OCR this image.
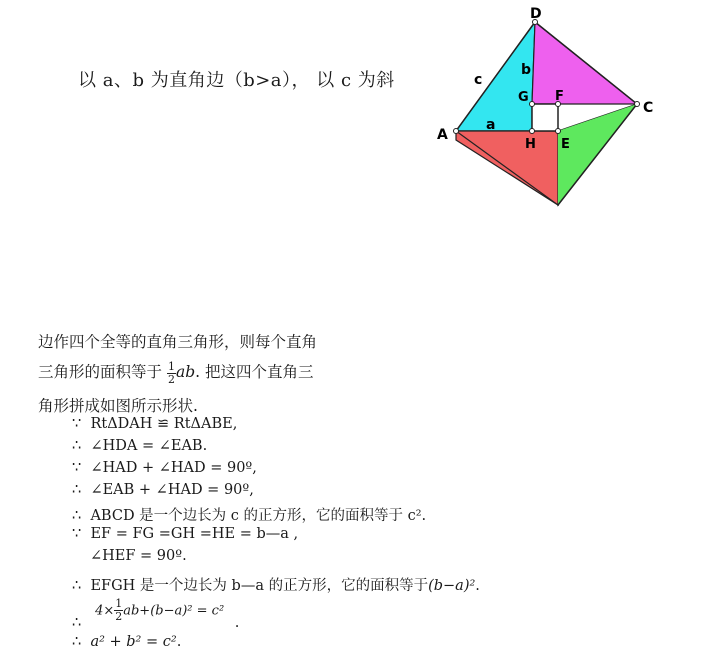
以 a、b 为直角边（b>a）， 以 c 为斜
D
C
A
G F
H E
b
c
a
边作四个全等的直角三角形，则每个直角
三角形的面积等于 $\frac{1}{2}$ ab. 把这四个直角三
角形拼成如图所示形状.
∵ RtΔDAH ≌ RtΔABE,
∴ ∠HDA = ∠EAB.
∵ ∠HAD + ∠HAD = 90º,
∴ ∠EAB + ∠HAD = 90º,
∴ ABCD 是一个边长为 c 的正方形，它的面积等于 c².
∵ EF = FG =GH =HE = b—a ,
∠HEF = 90º.
∴ EFGH 是一个边长为 b—a 的正方形，它的面积等于(b−a)².
∴   $4\times \frac{1}{2} ab+(b-a)^2 = c^2$ .
∴ a² + b² = c².
